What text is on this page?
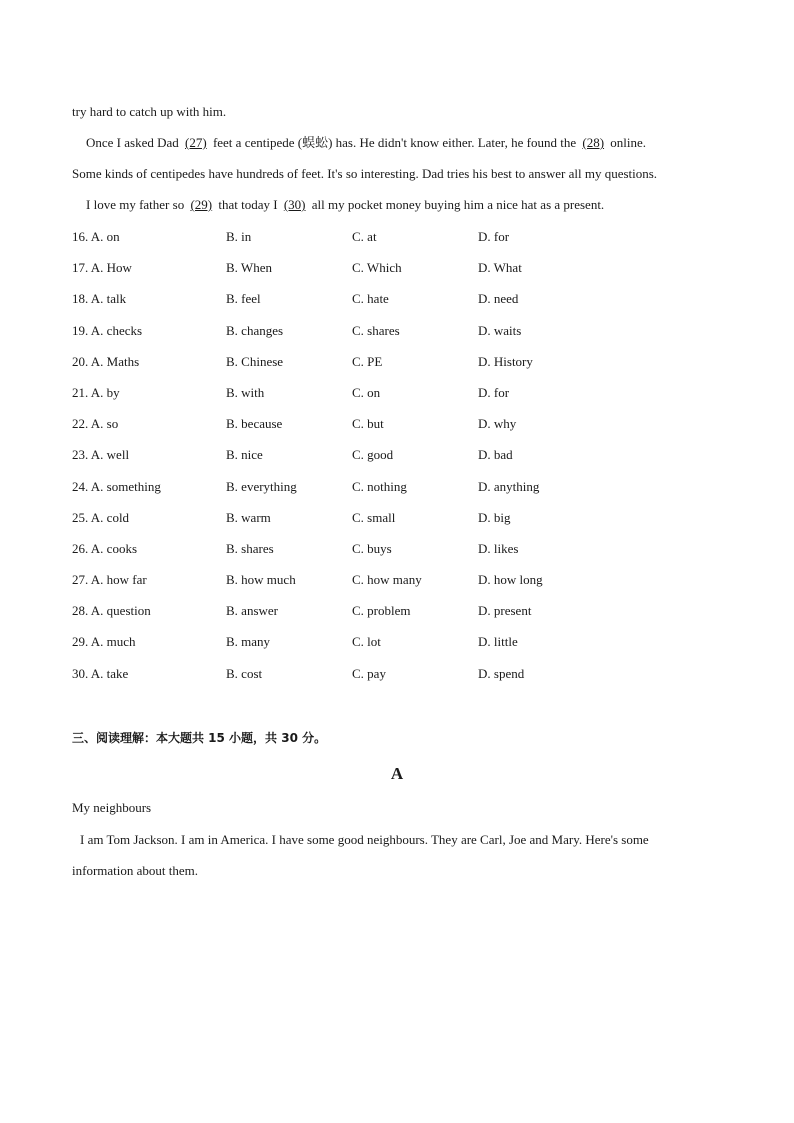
try hard to catch up with him.
Once I asked Dad (27) feet a centipede (蜈蚣) has. He didn't know either. Later, he found the (28) online.
Some kinds of centipedes have hundreds of feet. It's so interesting. Dad tries his best to answer all my questions.
I love my father so (29) that today I (30) all my pocket money buying him a nice hat as a present.
16. A. on	B. in	C. at	D. for
17. A. How	B. When	C. Which	D. What
18. A. talk	B. feel	C. hate	D. need
19. A. checks	B. changes	C. shares	D. waits
20. A. Maths	B. Chinese	C. PE	D. History
21. A. by	B. with	C. on	D. for
22. A. so	B. because	C. but	D. why
23. A. well	B. nice	C. good	D. bad
24. A. something	B. everything	C. nothing	D. anything
25. A. cold	B. warm	C. small	D. big
26. A. cooks	B. shares	C. buys	D. likes
27. A. how far	B. how much	C. how many	D. how long
28. A. question	B. answer	C. problem	D. present
29. A. much	B. many	C. lot	D. little
30. A. take	B. cost	C. pay	D. spend
三、阅读理解：本大题共 15 小题，共 30 分。
A
My neighbours
I am Tom Jackson. I am in America. I have some good neighbours. They are Carl, Joe and Mary. Here's some
information about them.
